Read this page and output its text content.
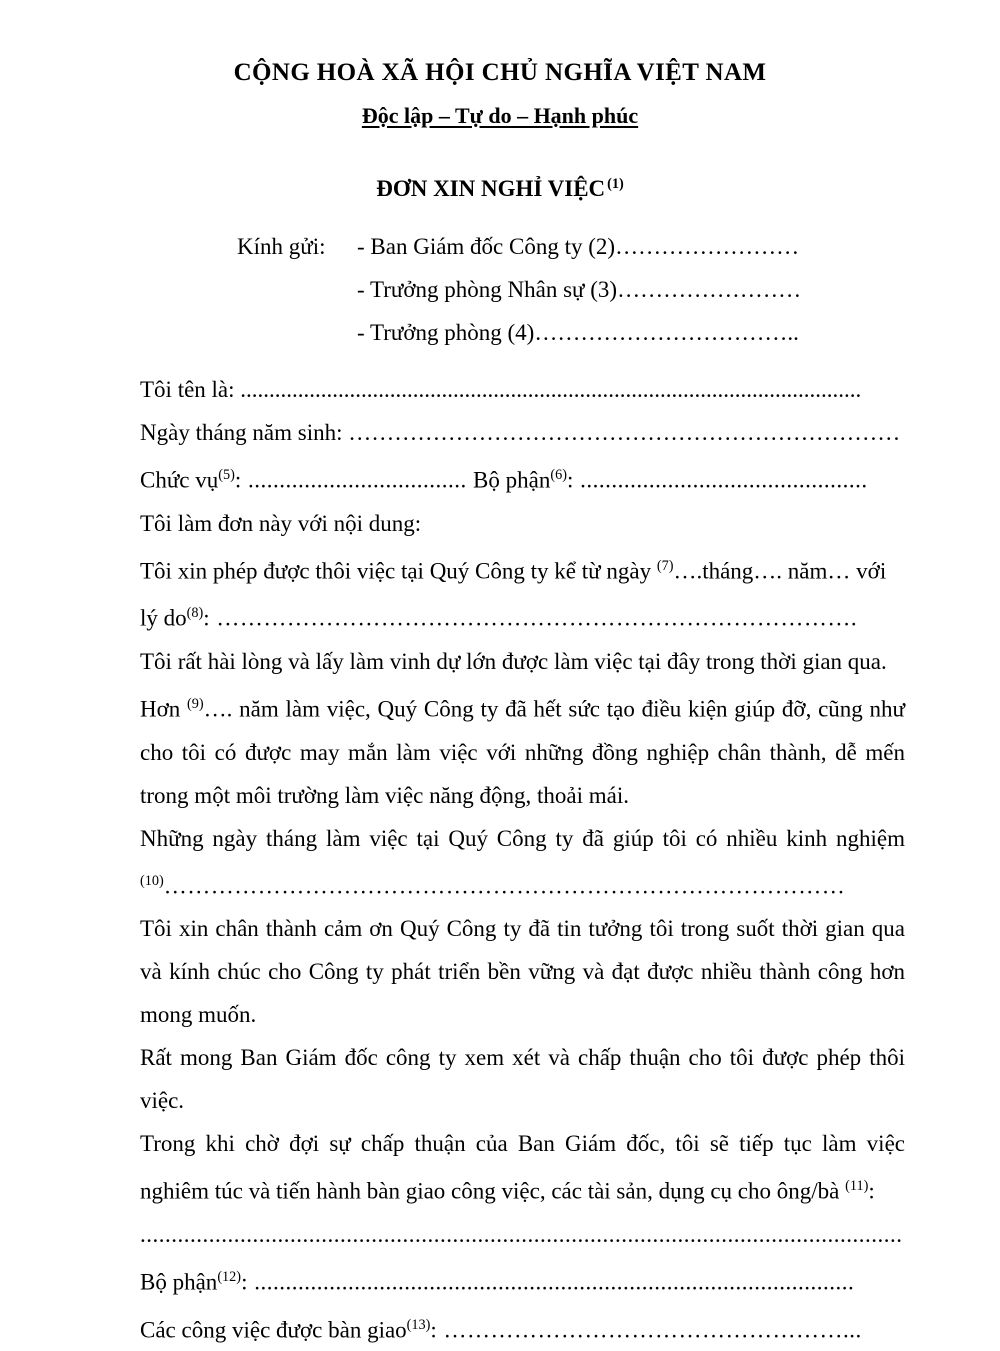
CỘNG HOÀ XÃ HỘI CHỦ NGHĨA VIỆT NAM
Độc lập – Tự do – Hạnh phúc
ĐƠN XIN NGHỈ VIỆC $^{(1)}$
Kính gửi:	- Ban Giám đốc Công ty (2)……………………
- Trưởng phòng Nhân sự (3)……………………
- Trưởng phòng (4)……………………………..
Tôi tên là: ............................................................................................................
Ngày tháng năm sinh: ………………………………………………………………
Chức vụ$^{(5)}$: ................................... Bộ phận$^{(6)}$: ..............................................
Tôi làm đơn này với nội dung:
Tôi xin phép được thôi việc tại Quý Công ty kể từ ngày $^{(7)}$….tháng…. năm… với
lý $do^{(8)}$: ……………………………………………………………………….
Tôi rất hài lòng và lấy làm vinh dự lớn được làm việc tại đây trong thời gian qua.
Hơn $^{(9)}$…. năm làm việc, Quý Công ty đã hết sức tạo điều kiện giúp đỡ, cũng như cho tôi có được may mắn làm việc với những đồng nghiệp chân thành, dễ mến trong một môi trường làm việc năng động, thoải mái.
Những ngày tháng làm việc tại Quý Công ty đã giúp tôi có nhiều kinh nghiệm
$^{(10)}$……………………………………………………………………………
Tôi xin chân thành cảm ơn Quý Công ty đã tin tưởng tôi trong suốt thời gian qua và kính chúc cho Công ty phát triển bền vững và đạt được nhiều thành công hơn mong muốn.
Rất mong Ban Giám đốc công ty xem xét và chấp thuận cho tôi được phép thôi việc.
Trong khi chờ đợi sự chấp thuận của Ban Giám đốc, tôi sẽ tiếp tục làm việc nghiêm túc và tiến hành bàn giao công việc, các tài sản, dụng cụ cho ông/bà $^{(11)}$:
..........................................................................................................................
Bộ phận$^{(12)}$: ................................................................................................
Các công việc được bàn giao$^{(13)}$: ……………………………………………...
